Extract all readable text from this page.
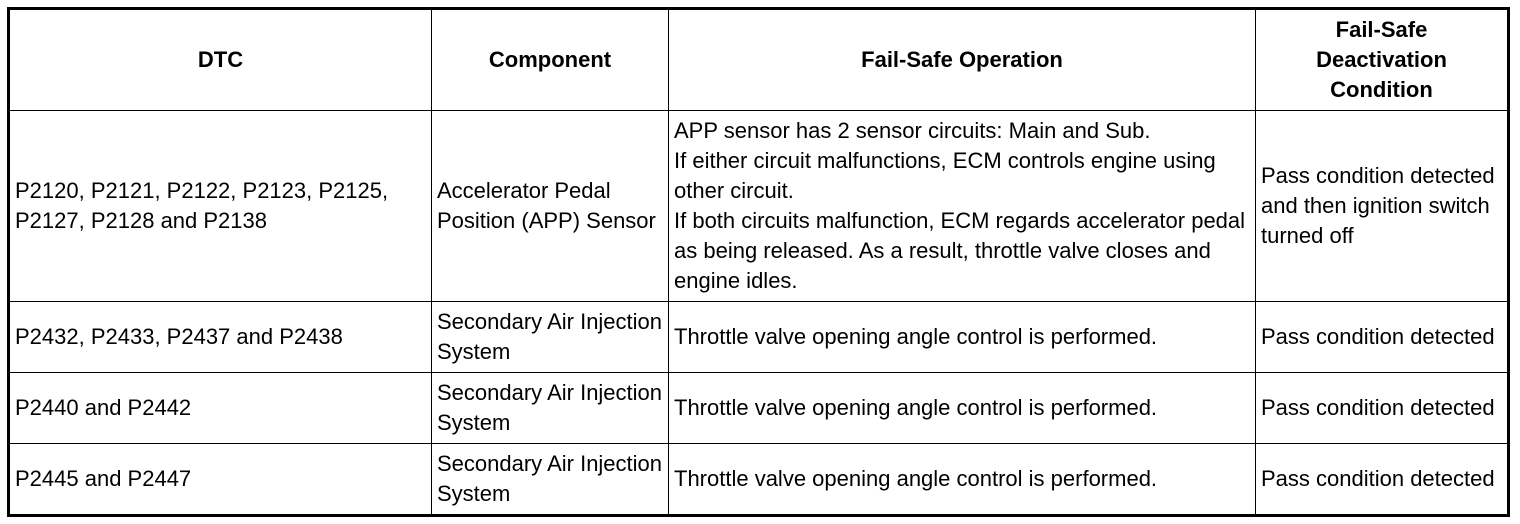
DTC	Component	Fail-Safe Operation	Fail-Safe Deactivation Condition
P2120, P2121, P2122, P2123, P2125, P2127, P2128 and P2138	Accelerator Pedal Position (APP) Sensor	APP sensor has 2 sensor circuits: Main and Sub.
If either circuit malfunctions, ECM controls engine using other circuit.
If both circuits malfunction, ECM regards accelerator pedal as being released. As a result, throttle valve closes and engine idles.	Pass condition detected and then ignition switch turned off
P2432, P2433, P2437 and P2438	Secondary Air Injection System	Throttle valve opening angle control is performed.	Pass condition detected
P2440 and P2442	Secondary Air Injection System	Throttle valve opening angle control is performed.	Pass condition detected
P2445 and P2447	Secondary Air Injection System	Throttle valve opening angle control is performed.	Pass condition detected
